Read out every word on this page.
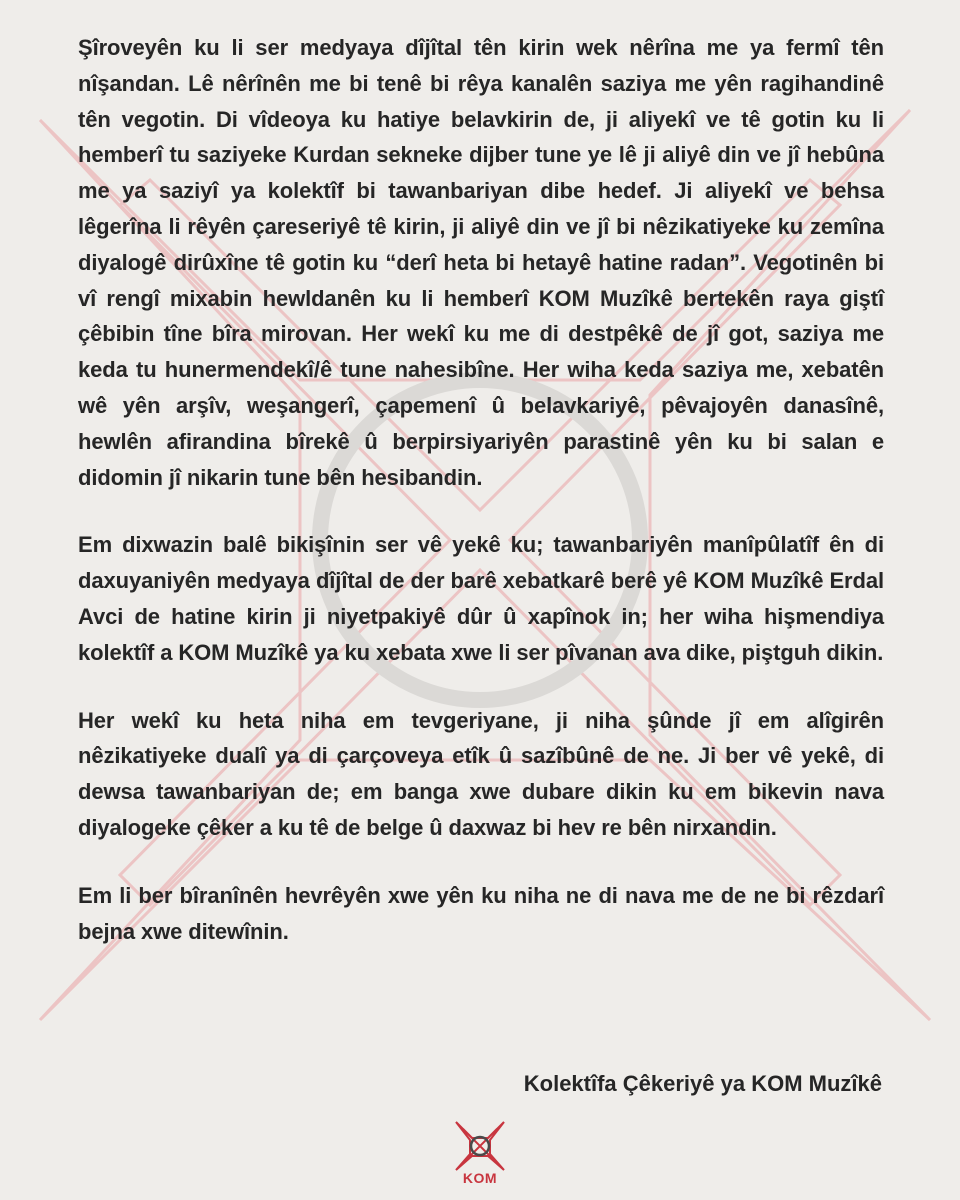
Şîroveyên ku li ser medyaya dîjîtal tên kirin wek nêrîna me ya fermî tên nîşandan. Lê nêrînên me bi tenê bi rêya kanalên saziya me yên ragihandinê tên vegotin. Di vîdeoya ku hatiye belavkirin de, ji aliyekî ve tê gotin ku li hemberî tu saziyeke Kurdan sekneke dijber tune ye lê ji aliyê din ve jî hebûna me ya saziyî ya kolektîf bi tawanbariyan dibe hedef. Ji aliyekî ve behsa lêgerîna li rêyên çareseriyê tê kirin, ji aliyê din ve jî bi nêzikatiyeke ku zemîna diyalogê dirûxîne tê gotin ku “derî heta bi hetayê hatine radan”. Vegotinên bi vî rengî mixabin hewldanên ku li hemberî KOM Muzîkê bertekên raya giştî çêbibin tîne bîra mirovan. Her wekî ku me di destpêkê de jî got, saziya me keda tu hunermendekî/ê tune nahesibîne. Her wiha keda saziya me, xebatên wê yên arşîv, weşangerî, çapemenî û belavkariyê, pêvajoyên danasînê, hewlên afirandina bîrekê û berpirsiyariyên parastinê yên ku bi salan e didomin jî nikarin tune bên hesibandin.

Em dixwazin balê bikişînin ser vê yekê ku; tawanbariyên manîpûlatîf ên di daxuyaniyên medyaya dîjîtal de der barê xebatkarê berê yê KOM Muzîkê Erdal Avci de hatine kirin ji niyetpakiyê dûr û xapînok in; her wiha hişmendiya kolektîf a KOM Muzîkê ya ku xebata xwe li ser pîvanan ava dike, piştguh dikin.

Her wekî ku heta niha em tevgeriyane, ji niha şûnde jî em alîgirên nêzikatiyeke dualî ya di çarçoveya etîk û sazîbûnê de ne. Ji ber vê yekê, di dewsa tawanbariyan de; em banga xwe dubare dikin ku em bikevin nava diyalogeke çêker a ku tê de belge û daxwaz bi hev re bên nirxandin.

Em li ber bîranînên hevrêyên xwe yên ku niha ne di nava me de ne bi rêzdarî bejna xwe ditewînin.

Kolektîfa Çêkeriyê ya KOM Muzîkê
KOM
